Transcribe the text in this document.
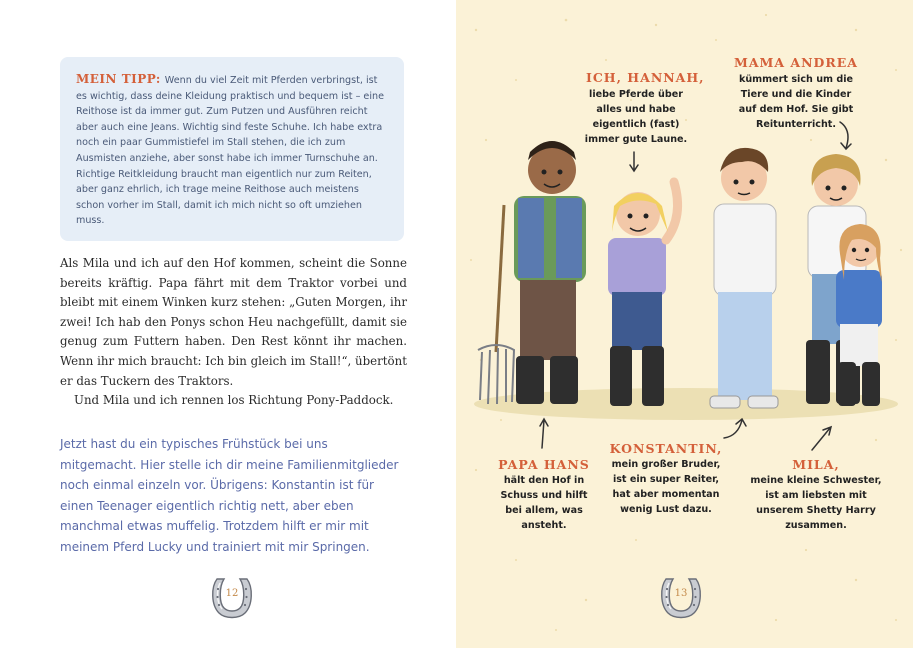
MEIN TIPP: Wenn du viel Zeit mit Pferden verbringst, ist es wichtig, dass deine Kleidung praktisch und bequem ist – eine Reithose ist da immer gut. Zum Putzen und Ausführen reicht aber auch eine Jeans. Wichtig sind feste Schuhe. Ich habe extra noch ein paar Gummistiefel im Stall stehen, die ich zum Ausmisten anziehe, aber sonst habe ich immer Turnschuhe an. Richtige Reitkleidung braucht man eigentlich nur zum Reiten, aber ganz ehrlich, ich trage meine Reithose auch meistens schon vorher im Stall, damit ich mich nicht so oft umziehen muss.

Als Mila und ich auf den Hof kommen, scheint die Sonne bereits kräftig. Papa fährt mit dem Traktor vorbei und bleibt mit einem Winken kurz stehen: „Guten Morgen, ihr zwei! Ich hab den Ponys schon Heu nachgefüllt, damit sie genug zum Futtern haben. Den Rest könnt ihr machen. Wenn ihr mich braucht: Ich bin gleich im Stall!“, übertönt er das Tuckern des Traktors.

Und Mila und ich rennen los Richtung Pony-Paddock.

Jetzt hast du ein typisches Frühstück bei uns mitgemacht. Hier stelle ich dir meine Familienmitglieder noch einmal einzeln vor. Übrigens: Konstantin ist für einen Teenager eigentlich richtig nett, aber eben manchmal etwas muffelig. Trotzdem hilft er mir mit meinem Pferd Lucky und trainiert mit mir Springen.
12
ICH, HANNAH,
liebe Pferde über
alles und habe
eigentlich (fast)
immer gute Laune.
MAMA ANDREA
kümmert sich um die
Tiere und die Kinder
auf dem Hof. Sie gibt
Reitunterricht.
PAPA HANS
hält den Hof in
Schuss und hilft
bei allem, was
ansteht.
KONSTANTIN,
mein großer Bruder,
ist ein super Reiter,
hat aber momentan
wenig Lust dazu.
MILA,
meine kleine Schwester,
ist am liebsten mit
unserem Shetty Harry
zusammen.
13
